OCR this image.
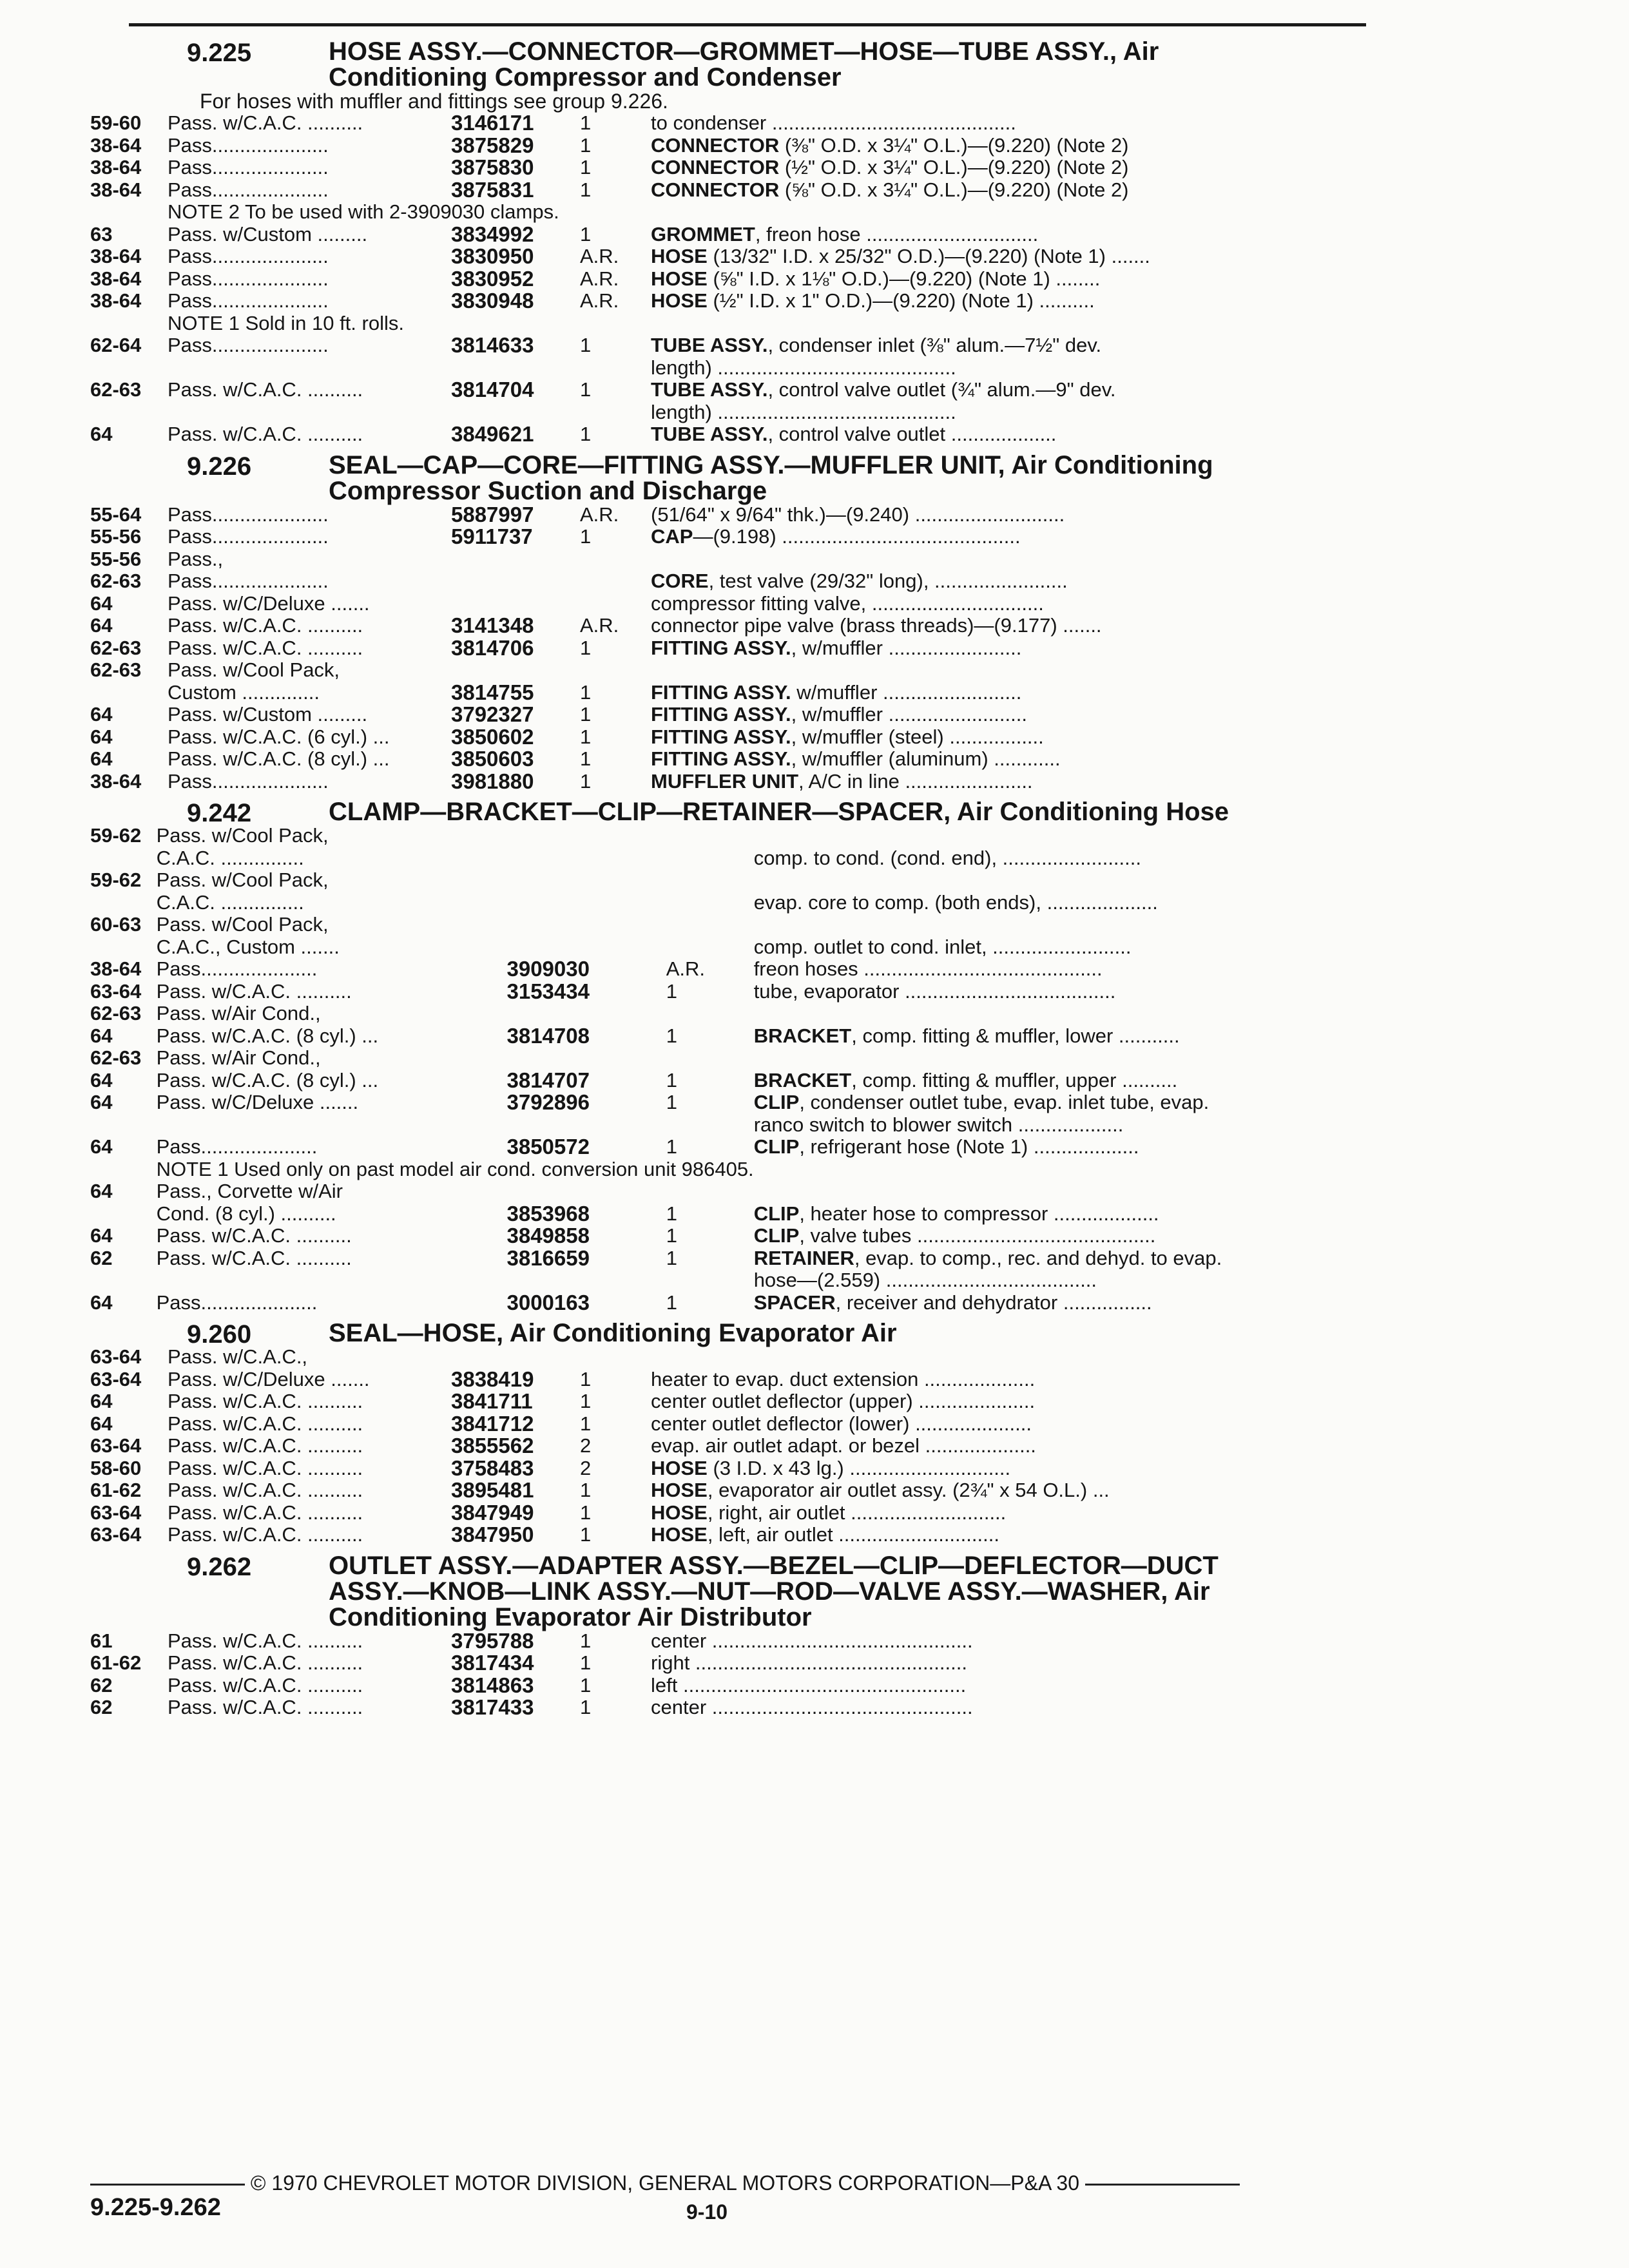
9.225	HOSE ASSY.—CONNECTOR—GROMMET—HOSE—TUBE ASSY., Air
Conditioning Compressor and Condenser
For hoses with muffler and fittings see group 9.226.
59-60	Pass. w/C.A.C. ..........	3146171	1	to condenser ............................................
38-64	Pass.....................	3875829	1	CONNECTOR (⅜" O.D. x 3¼" O.L.)—(9.220) (Note 2)
38-64	Pass.....................	3875830	1	CONNECTOR (½" O.D. x 3¼" O.L.)—(9.220) (Note 2)
38-64	Pass.....................	3875831	1	CONNECTOR (⅝" O.D. x 3¼" O.L.)—(9.220) (Note 2)
	NOTE 2 To be used with 2-3909030 clamps.			
63	Pass. w/Custom .........	3834992	1	GROMMET, freon hose ...............................
38-64	Pass.....................	3830950	A.R.	HOSE (13/32" I.D. x 25/32" O.D.)—(9.220) (Note 1) .......
38-64	Pass.....................	3830952	A.R.	HOSE (⅝" I.D. x 1⅛" O.D.)—(9.220) (Note 1) ........
38-64	Pass.....................	3830948	A.R.	HOSE (½" I.D. x 1" O.D.)—(9.220) (Note 1) ..........
	NOTE 1 Sold in 10 ft. rolls.			
62-64	Pass.....................	3814633	1	TUBE ASSY., condenser inlet (⅜" alum.—7½" dev.
				length) ...........................................
62-63	Pass. w/C.A.C. ..........	3814704	1	TUBE ASSY., control valve outlet (¾" alum.—9" dev.
				length) ...........................................
64	Pass. w/C.A.C. ..........	3849621	1	TUBE ASSY., control valve outlet ...................
9.226	SEAL—CAP—CORE—FITTING ASSY.—MUFFLER UNIT, Air Conditioning
Compressor Suction and Discharge
55-64	Pass.....................	5887997	A.R.	(51/64" x 9/64" thk.)—(9.240) ...........................
55-56	Pass.....................	5911737	1	CAP—(9.198) ...........................................
55-56	Pass.,			
62-63	Pass.....................			CORE, test valve (29/32" long), ........................
64	Pass. w/C/Deluxe .......			compressor fitting valve, ...............................
64	Pass. w/C.A.C. ..........	3141348	A.R.	connector pipe valve (brass threads)—(9.177) .......
62-63	Pass. w/C.A.C. ..........	3814706	1	FITTING ASSY., w/muffler ........................
62-63	Pass. w/Cool Pack,			
	Custom ..............	3814755	1	FITTING ASSY. w/muffler .........................
64	Pass. w/Custom .........	3792327	1	FITTING ASSY., w/muffler .........................
64	Pass. w/C.A.C. (6 cyl.) ...	3850602	1	FITTING ASSY., w/muffler (steel) .................
64	Pass. w/C.A.C. (8 cyl.) ...	3850603	1	FITTING ASSY., w/muffler (aluminum) ............
38-64	Pass.....................	3981880	1	MUFFLER UNIT, A/C in line .......................
9.242	CLAMP—BRACKET—CLIP—RETAINER—SPACER, Air Conditioning Hose
59-62	Pass. w/Cool Pack,			
	C.A.C. ...............			comp. to cond. (cond. end), .........................
59-62	Pass. w/Cool Pack,			
	C.A.C. ...............			evap. core to comp. (both ends), ....................
60-63	Pass. w/Cool Pack,			
	C.A.C., Custom .......			comp. outlet to cond. inlet, .........................
38-64	Pass.....................	3909030	A.R.	freon hoses ...........................................
63-64	Pass. w/C.A.C. ..........	3153434	1	tube, evaporator ......................................
62-63	Pass. w/Air Cond.,			
64	Pass. w/C.A.C. (8 cyl.) ...	3814708	1	BRACKET, comp. fitting & muffler, lower ...........
62-63	Pass. w/Air Cond.,			
64	Pass. w/C.A.C. (8 cyl.) ...	3814707	1	BRACKET, comp. fitting & muffler, upper ..........
64	Pass. w/C/Deluxe .......	3792896	1	CLIP, condenser outlet tube, evap. inlet tube, evap.
				ranco switch to blower switch ...................
64	Pass.....................	3850572	1	CLIP, refrigerant hose (Note 1) ...................
	NOTE 1 Used only on past model air cond. conversion unit 986405.			
64	Pass., Corvette w/Air			
	Cond. (8 cyl.) ..........	3853968	1	CLIP, heater hose to compressor ...................
64	Pass. w/C.A.C. ..........	3849858	1	CLIP, valve tubes ...........................................
62	Pass. w/C.A.C. ..........	3816659	1	RETAINER, evap. to comp., rec. and dehyd. to evap.
				hose—(2.559) ......................................
64	Pass.....................	3000163	1	SPACER, receiver and dehydrator ................
9.260	SEAL—HOSE, Air Conditioning Evaporator Air
63-64	Pass. w/C.A.C.,			
63-64	Pass. w/C/Deluxe .......	3838419	1	heater to evap. duct extension ....................
64	Pass. w/C.A.C. ..........	3841711	1	center outlet deflector (upper) .....................
64	Pass. w/C.A.C. ..........	3841712	1	center outlet deflector (lower) .....................
63-64	Pass. w/C.A.C. ..........	3855562	2	evap. air outlet adapt. or bezel ....................
58-60	Pass. w/C.A.C. ..........	3758483	2	HOSE (3 I.D. x 43 lg.) .............................
61-62	Pass. w/C.A.C. ..........	3895481	1	HOSE, evaporator air outlet assy. (2¾" x 54 O.L.) ...
63-64	Pass. w/C.A.C. ..........	3847949	1	HOSE, right, air outlet ............................
63-64	Pass. w/C.A.C. ..........	3847950	1	HOSE, left, air outlet .............................
9.262	OUTLET ASSY.—ADAPTER ASSY.—BEZEL—CLIP—DEFLECTOR—DUCT
ASSY.—KNOB—LINK ASSY.—NUT—ROD—VALVE ASSY.—WASHER, Air
Conditioning Evaporator Air Distributor
61	Pass. w/C.A.C. ..........	3795788	1	center ...............................................
61-62	Pass. w/C.A.C. ..........	3817434	1	right .................................................
62	Pass. w/C.A.C. ..........	3814863	1	left ...................................................
62	Pass. w/C.A.C. ..........	3817433	1	center ...............................................
© 1970 CHEVROLET MOTOR DIVISION, GENERAL MOTORS CORPORATION—P&A 30
9.225-9.262	9-10
